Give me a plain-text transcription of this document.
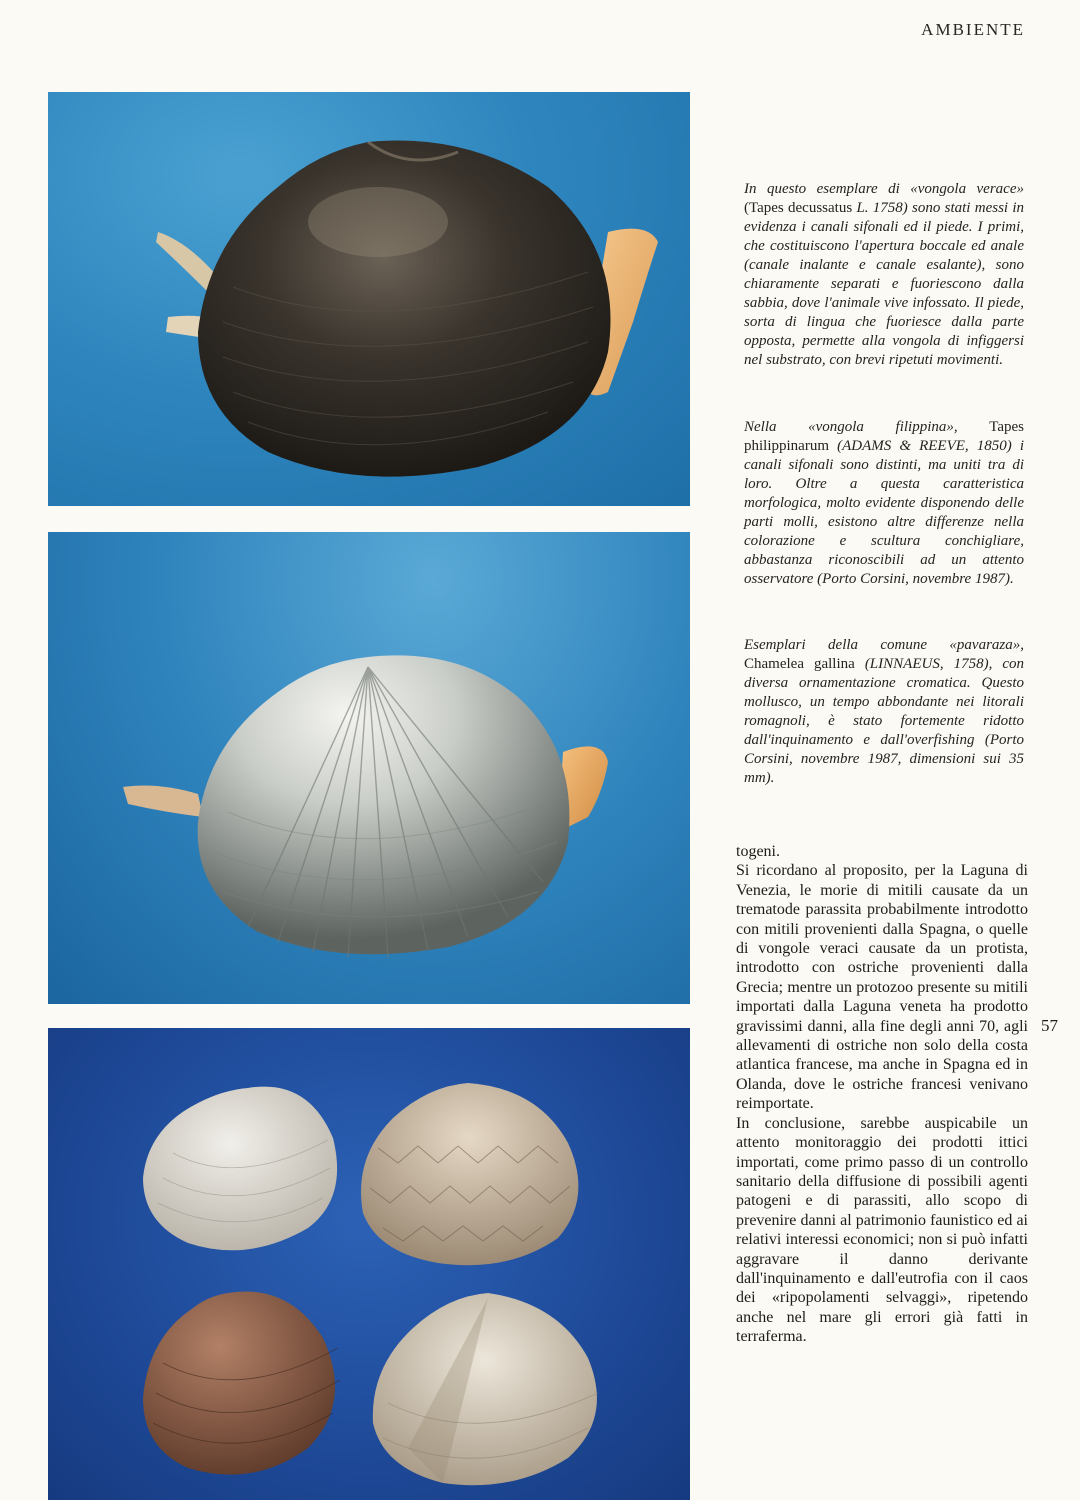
AMBIENTE
In questo esemplare di «vongola verace» (Tapes decussatus L. 1758) sono stati messi in evidenza i canali sifonali ed il piede. I primi, che costituiscono l'apertura boccale ed anale (canale inalante e canale esalante), sono chiaramente separati e fuoriescono dalla sabbia, dove l'animale vive infossato. Il piede, sorta di lingua che fuoriesce dalla parte opposta, permette alla vongola di infiggersi nel substrato, con brevi ripetuti movimenti.
Nella «vongola filippina», Tapes philippinarum (ADAMS & REEVE, 1850) i canali sifonali sono distinti, ma uniti tra di loro. Oltre a questa caratteristica morfologica, molto evidente disponendo delle parti molli, esistono altre differenze nella colorazione e scultura conchigliare, abbastanza riconoscibili ad un attento osservatore (Porto Corsini, novembre 1987).
Esemplari della comune «pavaraza», Chamelea gallina (LINNAEUS, 1758), con diversa ornamentazione cromatica. Questo mollusco, un tempo abbondante nei litorali romagnoli, è stato fortemente ridotto dall'inquinamento e dall'overfishing (Porto Corsini, novembre 1987, dimensioni sui 35 mm).

togeni.

Si ricordano al proposito, per la Laguna di Venezia, le morie di mitili causate da un trematode parassita probabilmente introdotto con mitili provenienti dalla Spagna, o quelle di vongole veraci causate da un protista, introdotto con ostriche provenienti dalla Grecia; mentre un protozoo presente su mitili importati dalla Laguna veneta ha prodotto gravissimi danni, alla fine degli anni 70, agli allevamenti di ostriche non solo della costa atlantica francese, ma anche in Spagna ed in Olanda, dove le ostriche francesi venivano reimportate.

In conclusione, sarebbe auspicabile un attento monitoraggio dei prodotti ittici importati, come primo passo di un controllo sanitario della diffusione di possibili agenti patogeni e di parassiti, allo scopo di prevenire danni al patrimonio faunistico ed ai relativi interessi economici; non si può infatti aggravare il danno derivante dall'inquinamento e dall'eutrofia con il caos dei «ripopolamenti selvaggi», ripetendo anche nel mare gli errori già fatti in terraferma.

57
